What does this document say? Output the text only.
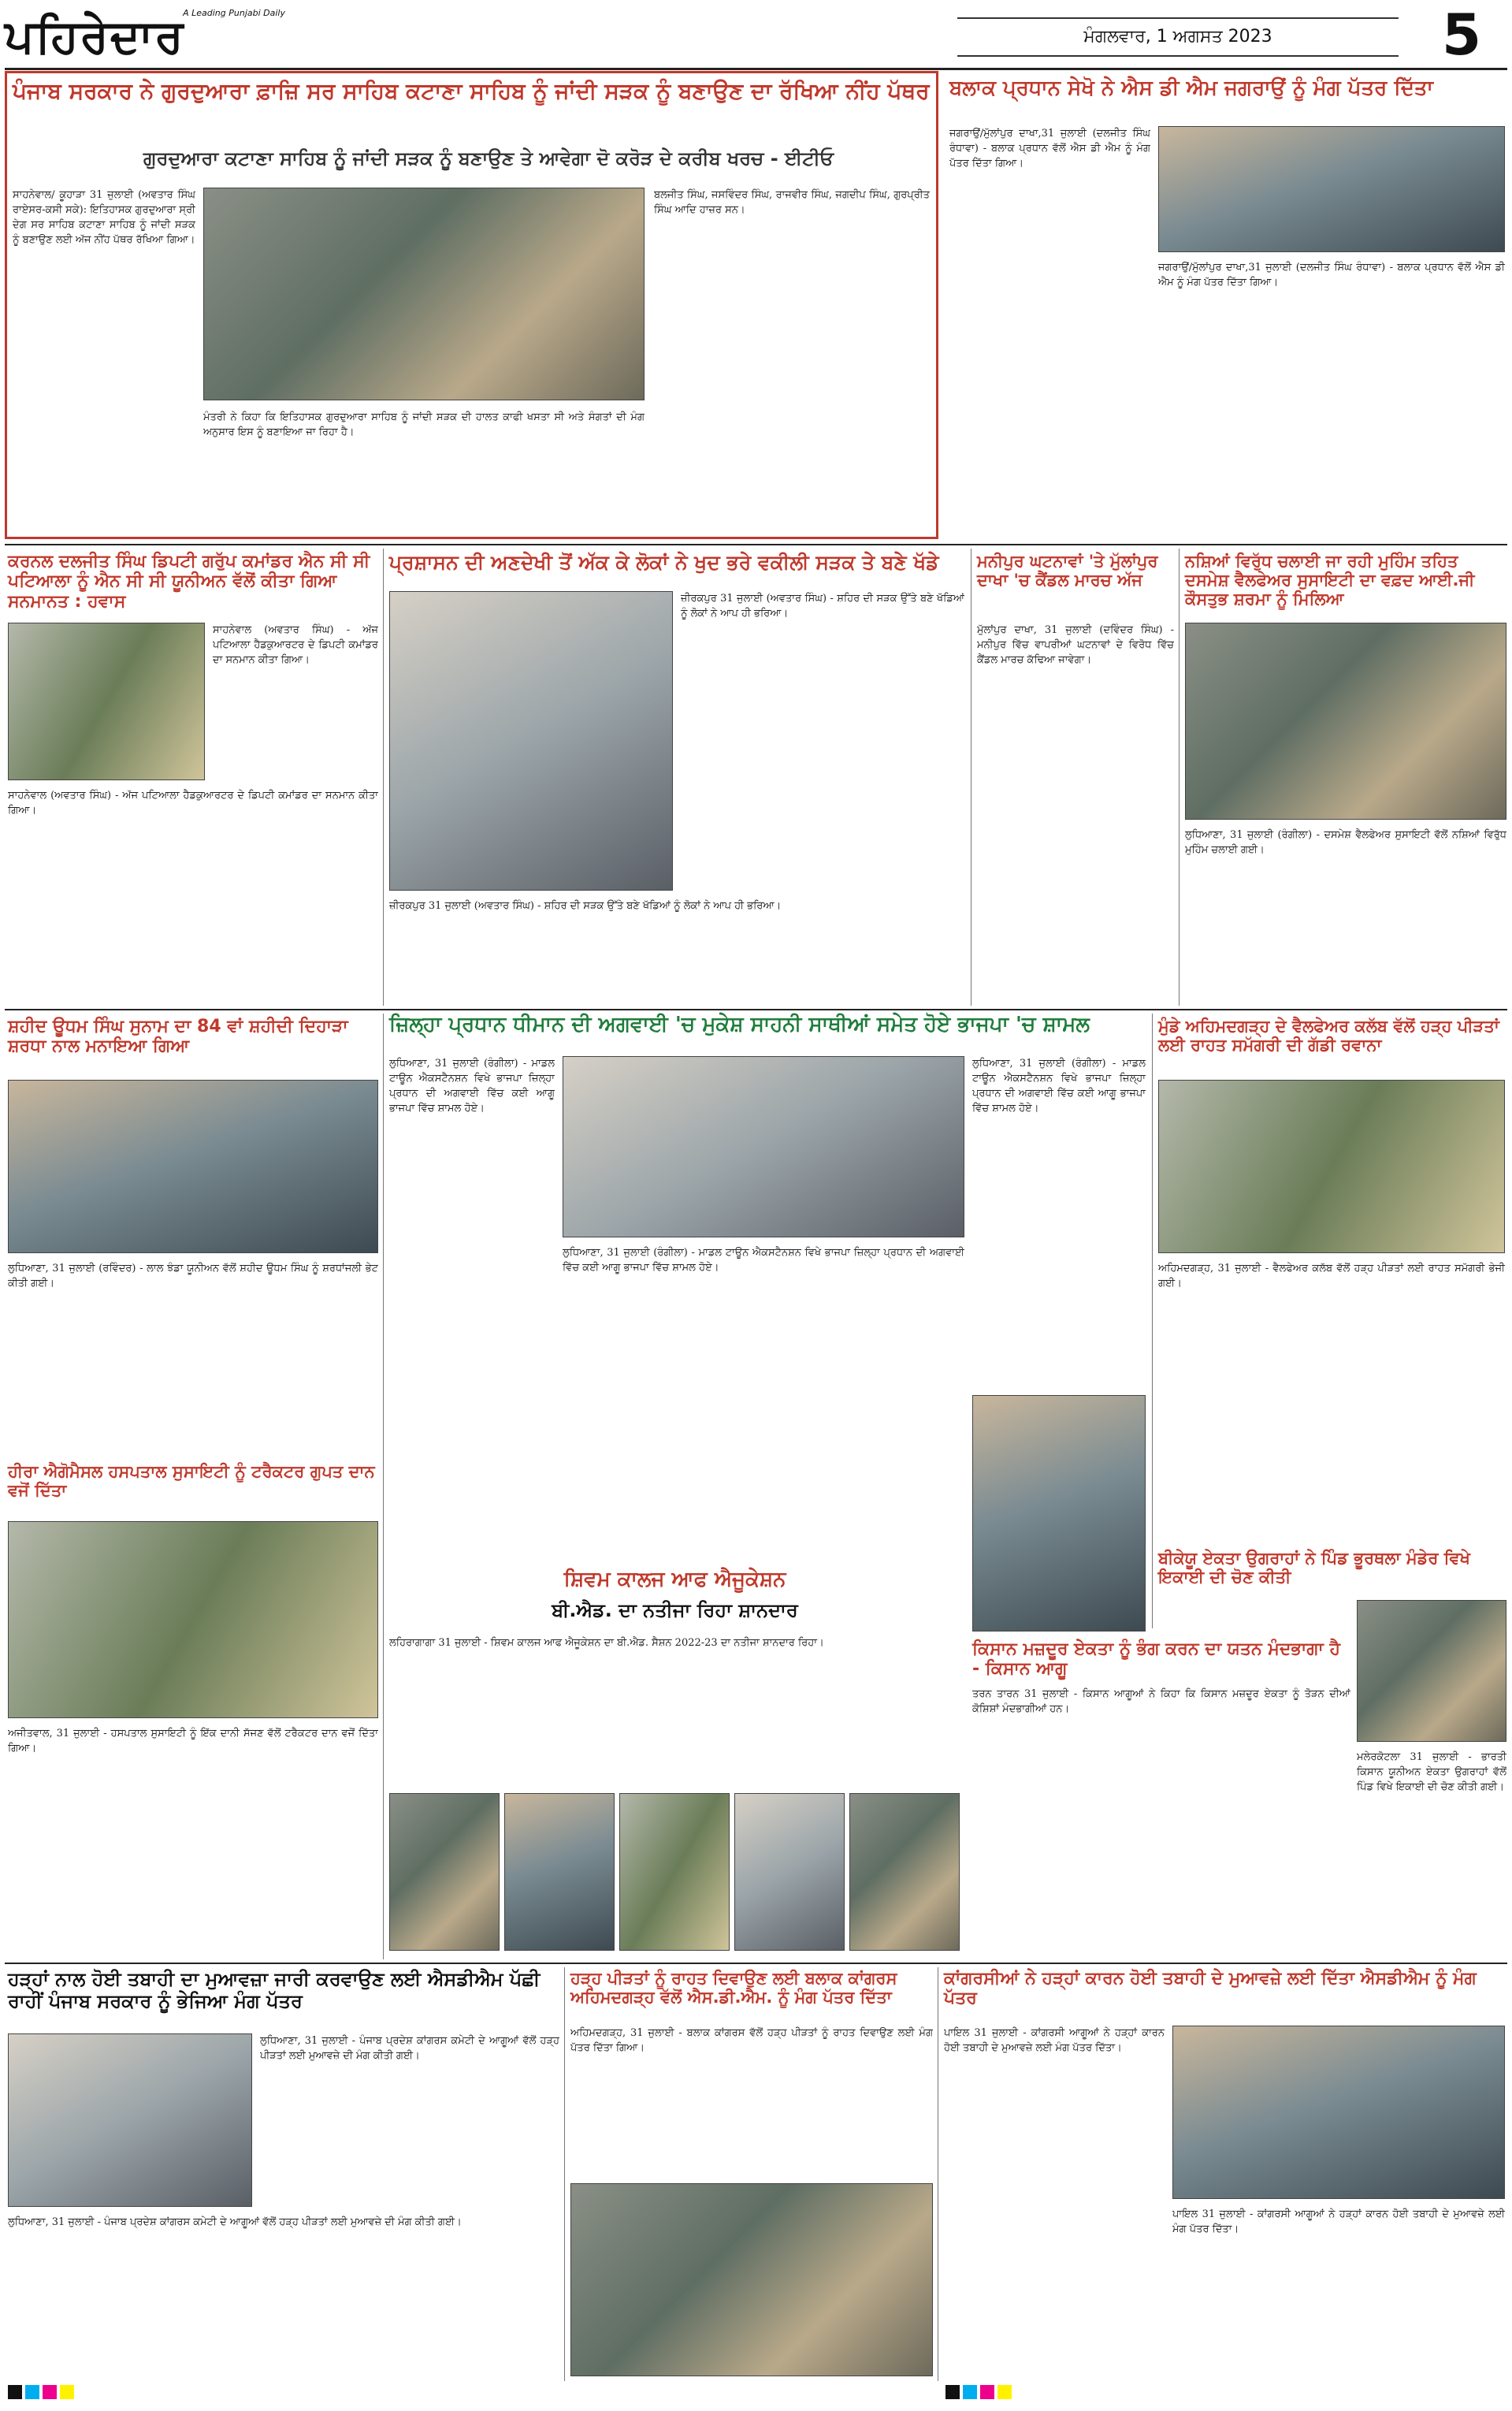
ਪਹਿਰੇਦਾਰ
A Leading Punjabi Daily
ਮੰਗਲਵਾਰ, 1 ਅਗਸਤ 2023	5
ਪੰਜਾਬ ਸਰਕਾਰ ਨੇ ਗੁਰਦੁਆਰਾ ਫ਼ਾਜ਼ਿ ਸਰ ਸਾਹਿਬ ਕਟਾਣਾ ਸਾਹਿਬ ਨੂੰ ਜਾਂਦੀ ਸੜਕ ਨੂੰ ਬਣਾਉਣ ਦਾ ਰੱਖਿਆ ਨੀਂਹ ਪੱਥਰ
ਗੁਰਦੁਆਰਾ ਕਟਾਣਾ ਸਾਹਿਬ ਨੂੰ ਜਾਂਦੀ ਸੜਕ ਨੂੰ ਬਣਾਉਣ ਤੇ ਆਵੇਗਾ ਦੋ ਕਰੋੜ ਦੇ ਕਰੀਬ ਖਰਚ - ਈਟੀਓ
ਸਾਹਨੇਵਾਲ/ ਕੂਹਾੜਾ 31 ਜੁਲਾਈ (ਅਵਤਾਰ ਸਿੰਘ ਰਾਏਸਰ-ਕਸੀ ਸਕੇ): ਇਤਿਹਾਸਕ ਗੁਰਦੁਆਰਾ ਸ੍ਰੀ ਦੇਗ ਸਰ ਸਾਹਿਬ ਕਟਾਣਾ ਸਾਹਿਬ ਨੂੰ ਜਾਂਦੀ ਸੜਕ ਨੂੰ ਬਣਾਉਣ ਲਈ ਅੱਜ ਨੀਂਹ ਪੱਥਰ ਰੱਖਿਆ ਗਿਆ।
ਮੰਤਰੀ ਨੇ ਕਿਹਾ ਕਿ ਇਤਿਹਾਸਕ ਗੁਰਦੁਆਰਾ ਸਾਹਿਬ ਨੂੰ ਜਾਂਦੀ ਸੜਕ ਦੀ ਹਾਲਤ ਕਾਫੀ ਖਸਤਾ ਸੀ ਅਤੇ ਸੰਗਤਾਂ ਦੀ ਮੰਗ ਅਨੁਸਾਰ ਇਸ ਨੂੰ ਬਣਾਇਆ ਜਾ ਰਿਹਾ ਹੈ।
ਬਲਜੀਤ ਸਿੰਘ, ਜਸਵਿੰਦਰ ਸਿੰਘ, ਰਾਜਵੀਰ ਸਿੰਘ, ਜਗਦੀਪ ਸਿੰਘ, ਗੁਰਪ੍ਰੀਤ ਸਿੰਘ ਆਦਿ ਹਾਜ਼ਰ ਸਨ।
ਬਲਾਕ ਪ੍ਰਧਾਨ ਸੇਖੋ ਨੇ ਐਸ ਡੀ ਐਮ ਜਗਰਾਉਂ ਨੂੰ ਮੰਗ ਪੱਤਰ ਦਿੱਤਾ
ਜਗਰਾਉਂ/ਮੁੱਲਾਂਪੁਰ ਦਾਖਾ,31 ਜੁਲਾਈ (ਦਲਜੀਤ ਸਿੰਘ ਰੰਧਾਵਾ) - ਬਲਾਕ ਪ੍ਰਧਾਨ ਵੱਲੋਂ ਐਸ ਡੀ ਐਮ ਨੂੰ ਮੰਗ ਪੱਤਰ ਦਿੱਤਾ ਗਿਆ।
ਜਗਰਾਉਂ/ਮੁੱਲਾਂਪੁਰ ਦਾਖਾ,31 ਜੁਲਾਈ (ਦਲਜੀਤ ਸਿੰਘ ਰੰਧਾਵਾ) - ਬਲਾਕ ਪ੍ਰਧਾਨ ਵੱਲੋਂ ਐਸ ਡੀ ਐਮ ਨੂੰ ਮੰਗ ਪੱਤਰ ਦਿੱਤਾ ਗਿਆ।
ਕਰਨਲ ਦਲਜੀਤ ਸਿੰਘ ਡਿਪਟੀ ਗਰੁੱਪ ਕਮਾਂਡਰ ਐਨ ਸੀ ਸੀ ਪਟਿਆਲਾ ਨੂੰ ਐਨ ਸੀ ਸੀ ਯੂਨੀਅਨ ਵੱਲੋਂ ਕੀਤਾ ਗਿਆ ਸਨਮਾਨਤ : ਹਵਾਸ
ਸਾਹਨੇਵਾਲ (ਅਵਤਾਰ ਸਿੰਘ) - ਅੱਜ ਪਟਿਆਲਾ ਹੈਡਕੁਆਰਟਰ ਦੇ ਡਿਪਟੀ ਕਮਾਂਡਰ ਦਾ ਸਨਮਾਨ ਕੀਤਾ ਗਿਆ।
ਸਾਹਨੇਵਾਲ (ਅਵਤਾਰ ਸਿੰਘ) - ਅੱਜ ਪਟਿਆਲਾ ਹੈਡਕੁਆਰਟਰ ਦੇ ਡਿਪਟੀ ਕਮਾਂਡਰ ਦਾ ਸਨਮਾਨ ਕੀਤਾ ਗਿਆ।
ਪ੍ਰਸ਼ਾਸਨ ਦੀ ਅਣਦੇਖੀ ਤੋਂ ਅੱਕ ਕੇ ਲੋਕਾਂ ਨੇ ਖੁਦ ਭਰੇ ਵਕੀਲੀ ਸੜਕ ਤੇ ਬਣੇ ਖੱਡੇ
ਜ਼ੀਰਕਪੁਰ 31 ਜੁਲਾਈ (ਅਵਤਾਰ ਸਿੰਘ) - ਸ਼ਹਿਰ ਦੀ ਸੜਕ ਉੱਤੇ ਬਣੇ ਖੱਡਿਆਂ ਨੂੰ ਲੋਕਾਂ ਨੇ ਆਪ ਹੀ ਭਰਿਆ।
ਜ਼ੀਰਕਪੁਰ 31 ਜੁਲਾਈ (ਅਵਤਾਰ ਸਿੰਘ) - ਸ਼ਹਿਰ ਦੀ ਸੜਕ ਉੱਤੇ ਬਣੇ ਖੱਡਿਆਂ ਨੂੰ ਲੋਕਾਂ ਨੇ ਆਪ ਹੀ ਭਰਿਆ।
ਮਨੀਪੁਰ ਘਟਨਾਵਾਂ 'ਤੇ ਮੁੱਲਾਂਪੁਰ ਦਾਖਾ 'ਚ ਕੈਂਡਲ ਮਾਰਚ ਅੱਜ
ਮੁੱਲਾਂਪੁਰ ਦਾਖਾ, 31 ਜੁਲਾਈ (ਦਵਿੰਦਰ ਸਿੰਘ) - ਮਨੀਪੁਰ ਵਿੱਚ ਵਾਪਰੀਆਂ ਘਟਨਾਵਾਂ ਦੇ ਵਿਰੋਧ ਵਿੱਚ ਕੈਂਡਲ ਮਾਰਚ ਕੱਢਿਆ ਜਾਵੇਗਾ।
ਨਸ਼ਿਆਂ ਵਿਰੁੱਧ ਚਲਾਈ ਜਾ ਰਹੀ ਮੁਹਿੰਮ ਤਹਿਤ ਦਸਮੇਸ਼ ਵੈਲਫੇਅਰ ਸੁਸਾਇਟੀ ਦਾ ਵਫ਼ਦ ਆਈ.ਜੀ ਕੌਸਤੁਭ ਸ਼ਰਮਾ ਨੂੰ ਮਿਲਿਆ
ਲੁਧਿਆਣਾ, 31 ਜੁਲਾਈ (ਰੰਗੀਲਾ) - ਦਸਮੇਸ਼ ਵੈਲਫੇਅਰ ਸੁਸਾਇਟੀ ਵੱਲੋਂ ਨਸ਼ਿਆਂ ਵਿਰੁੱਧ ਮੁਹਿੰਮ ਚਲਾਈ ਗਈ।
ਸ਼ਹੀਦ ਊਧਮ ਸਿੰਘ ਸੁਨਾਮ ਦਾ 84 ਵਾਂ ਸ਼ਹੀਦੀ ਦਿਹਾੜਾ ਸ਼ਰਧਾ ਨਾਲ ਮਨਾਇਆ ਗਿਆ
ਲੁਧਿਆਣਾ, 31 ਜੁਲਾਈ (ਰਵਿੰਦਰ) - ਲਾਲ ਝੰਡਾ ਯੂਨੀਅਨ ਵੱਲੋਂ ਸ਼ਹੀਦ ਊਧਮ ਸਿੰਘ ਨੂੰ ਸ਼ਰਧਾਂਜਲੀ ਭੇਟ ਕੀਤੀ ਗਈ।
ਹੀਰਾ ਐਗੋਮੈਸਲ ਹਸਪਤਾਲ ਸੁਸਾਇਟੀ ਨੂੰ ਟਰੈਕਟਰ ਗੁਪਤ ਦਾਨ ਵਜੋਂ ਦਿੱਤਾ
ਅਜੀਤਵਾਲ, 31 ਜੁਲਾਈ - ਹਸਪਤਾਲ ਸੁਸਾਇਟੀ ਨੂੰ ਇੱਕ ਦਾਨੀ ਸੱਜਣ ਵੱਲੋਂ ਟਰੈਕਟਰ ਦਾਨ ਵਜੋਂ ਦਿੱਤਾ ਗਿਆ।
ਜ਼ਿਲ੍ਹਾ ਪ੍ਰਧਾਨ ਧੀਮਾਨ ਦੀ ਅਗਵਾਈ 'ਚ ਮੁਕੇਸ਼ ਸਾਹਨੀ ਸਾਥੀਆਂ ਸਮੇਤ ਹੋਏ ਭਾਜਪਾ 'ਚ ਸ਼ਾਮਲ
ਲੁਧਿਆਣਾ, 31 ਜੁਲਾਈ (ਰੰਗੀਲਾ) - ਮਾਡਲ ਟਾਊਨ ਐਕਸਟੈਨਸ਼ਨ ਵਿਖੇ ਭਾਜਪਾ ਜ਼ਿਲ੍ਹਾ ਪ੍ਰਧਾਨ ਦੀ ਅਗਵਾਈ ਵਿੱਚ ਕਈ ਆਗੂ ਭਾਜਪਾ ਵਿੱਚ ਸ਼ਾਮਲ ਹੋਏ।
ਲੁਧਿਆਣਾ, 31 ਜੁਲਾਈ (ਰੰਗੀਲਾ) - ਮਾਡਲ ਟਾਊਨ ਐਕਸਟੈਨਸ਼ਨ ਵਿਖੇ ਭਾਜਪਾ ਜ਼ਿਲ੍ਹਾ ਪ੍ਰਧਾਨ ਦੀ ਅਗਵਾਈ ਵਿੱਚ ਕਈ ਆਗੂ ਭਾਜਪਾ ਵਿੱਚ ਸ਼ਾਮਲ ਹੋਏ।
ਲੁਧਿਆਣਾ, 31 ਜੁਲਾਈ (ਰੰਗੀਲਾ) - ਮਾਡਲ ਟਾਊਨ ਐਕਸਟੈਨਸ਼ਨ ਵਿਖੇ ਭਾਜਪਾ ਜ਼ਿਲ੍ਹਾ ਪ੍ਰਧਾਨ ਦੀ ਅਗਵਾਈ ਵਿੱਚ ਕਈ ਆਗੂ ਭਾਜਪਾ ਵਿੱਚ ਸ਼ਾਮਲ ਹੋਏ।
ਸ਼ਿਵਮ ਕਾਲਜ ਆਫ ਐਜੂਕੇਸ਼ਨ
ਬੀ.ਐਡ. ਦਾ ਨਤੀਜਾ ਰਿਹਾ ਸ਼ਾਨਦਾਰ
ਲਹਿਰਾਗਾਗਾ 31 ਜੁਲਾਈ - ਸ਼ਿਵਮ ਕਾਲਜ ਆਫ ਐਜੂਕੇਸ਼ਨ ਦਾ ਬੀ.ਐਡ. ਸੈਸ਼ਨ 2022-23 ਦਾ ਨਤੀਜਾ ਸ਼ਾਨਦਾਰ ਰਿਹਾ।	ਕਿਸਾਨ ਮਜ਼ਦੂਰ ਏਕਤਾ ਨੂੰ ਭੰਗ ਕਰਨ ਦਾ ਯਤਨ ਮੰਦਭਾਗਾ ਹੈ - ਕਿਸਾਨ ਆਗੂ
ਤਰਨ ਤਾਰਨ 31 ਜੁਲਾਈ - ਕਿਸਾਨ ਆਗੂਆਂ ਨੇ ਕਿਹਾ ਕਿ ਕਿਸਾਨ ਮਜ਼ਦੂਰ ਏਕਤਾ ਨੂੰ ਤੋੜਨ ਦੀਆਂ ਕੋਸ਼ਿਸ਼ਾਂ ਮੰਦਭਾਗੀਆਂ ਹਨ।
ਮੁੰਡੇ ਅਹਿਮਦਗੜ੍ਹ ਦੇ ਵੈਲਫੇਅਰ ਕਲੱਬ ਵੱਲੋਂ ਹੜ੍ਹ ਪੀੜਤਾਂ ਲਈ ਰਾਹਤ ਸਮੱਗਰੀ ਦੀ ਗੱਡੀ ਰਵਾਨਾ
ਅਹਿਮਦਗੜ੍ਹ, 31 ਜੁਲਾਈ - ਵੈਲਫੇਅਰ ਕਲੱਬ ਵੱਲੋਂ ਹੜ੍ਹ ਪੀੜਤਾਂ ਲਈ ਰਾਹਤ ਸਮੱਗਰੀ ਭੇਜੀ ਗਈ।
ਬੀਕੇਯੂ ਏਕਤਾ ਉਗਰਾਹਾਂ ਨੇ ਪਿੰਡ ਭੂਰਥਲਾ ਮੰਡੇਰ ਵਿਖੇ ਇਕਾਈ ਦੀ ਚੋਣ ਕੀਤੀ
ਮਲੇਰਕੋਟਲਾ 31 ਜੁਲਾਈ - ਭਾਰਤੀ ਕਿਸਾਨ ਯੂਨੀਅਨ ਏਕਤਾ ਉਗਰਾਹਾਂ ਵੱਲੋਂ ਪਿੰਡ ਵਿਖੇ ਇਕਾਈ ਦੀ ਚੋਣ ਕੀਤੀ ਗਈ।
ਹੜ੍ਹਾਂ ਨਾਲ ਹੋਈ ਤਬਾਹੀ ਦਾ ਮੁਆਵਜ਼ਾ ਜਾਰੀ ਕਰਵਾਉਣ ਲਈ ਐਸਡੀਐਮ ਪੱਛੀ ਰਾਹੀਂ ਪੰਜਾਬ ਸਰਕਾਰ ਨੂੰ ਭੇਜਿਆ ਮੰਗ ਪੱਤਰ
ਲੁਧਿਆਣਾ, 31 ਜੁਲਾਈ - ਪੰਜਾਬ ਪ੍ਰਦੇਸ਼ ਕਾਂਗਰਸ ਕਮੇਟੀ ਦੇ ਆਗੂਆਂ ਵੱਲੋਂ ਹੜ੍ਹ ਪੀੜਤਾਂ ਲਈ ਮੁਆਵਜ਼ੇ ਦੀ ਮੰਗ ਕੀਤੀ ਗਈ।
ਲੁਧਿਆਣਾ, 31 ਜੁਲਾਈ - ਪੰਜਾਬ ਪ੍ਰਦੇਸ਼ ਕਾਂਗਰਸ ਕਮੇਟੀ ਦੇ ਆਗੂਆਂ ਵੱਲੋਂ ਹੜ੍ਹ ਪੀੜਤਾਂ ਲਈ ਮੁਆਵਜ਼ੇ ਦੀ ਮੰਗ ਕੀਤੀ ਗਈ।
ਹੜ੍ਹ ਪੀੜਤਾਂ ਨੂੰ ਰਾਹਤ ਦਿਵਾਉਣ ਲਈ ਬਲਾਕ ਕਾਂਗਰਸ ਅਹਿਮਦਗੜ੍ਹ ਵੱਲੋਂ ਐਸ.ਡੀ.ਐਮ. ਨੂੰ ਮੰਗ ਪੱਤਰ ਦਿੱਤਾ
ਅਹਿਮਦਗੜ੍ਹ, 31 ਜੁਲਾਈ - ਬਲਾਕ ਕਾਂਗਰਸ ਵੱਲੋਂ ਹੜ੍ਹ ਪੀੜਤਾਂ ਨੂੰ ਰਾਹਤ ਦਿਵਾਉਣ ਲਈ ਮੰਗ ਪੱਤਰ ਦਿੱਤਾ ਗਿਆ।
ਕਾਂਗਰਸੀਆਂ ਨੇ ਹੜ੍ਹਾਂ ਕਾਰਨ ਹੋਈ ਤਬਾਹੀ ਦੇ ਮੁਆਵਜ਼ੇ ਲਈ ਦਿੱਤਾ ਐਸਡੀਐਮ ਨੂੰ ਮੰਗ ਪੱਤਰ
ਪਾਇਲ 31 ਜੁਲਾਈ - ਕਾਂਗਰਸੀ ਆਗੂਆਂ ਨੇ ਹੜ੍ਹਾਂ ਕਾਰਨ ਹੋਈ ਤਬਾਹੀ ਦੇ ਮੁਆਵਜ਼ੇ ਲਈ ਮੰਗ ਪੱਤਰ ਦਿੱਤਾ।
ਪਾਇਲ 31 ਜੁਲਾਈ - ਕਾਂਗਰਸੀ ਆਗੂਆਂ ਨੇ ਹੜ੍ਹਾਂ ਕਾਰਨ ਹੋਈ ਤਬਾਹੀ ਦੇ ਮੁਆਵਜ਼ੇ ਲਈ ਮੰਗ ਪੱਤਰ ਦਿੱਤਾ।
